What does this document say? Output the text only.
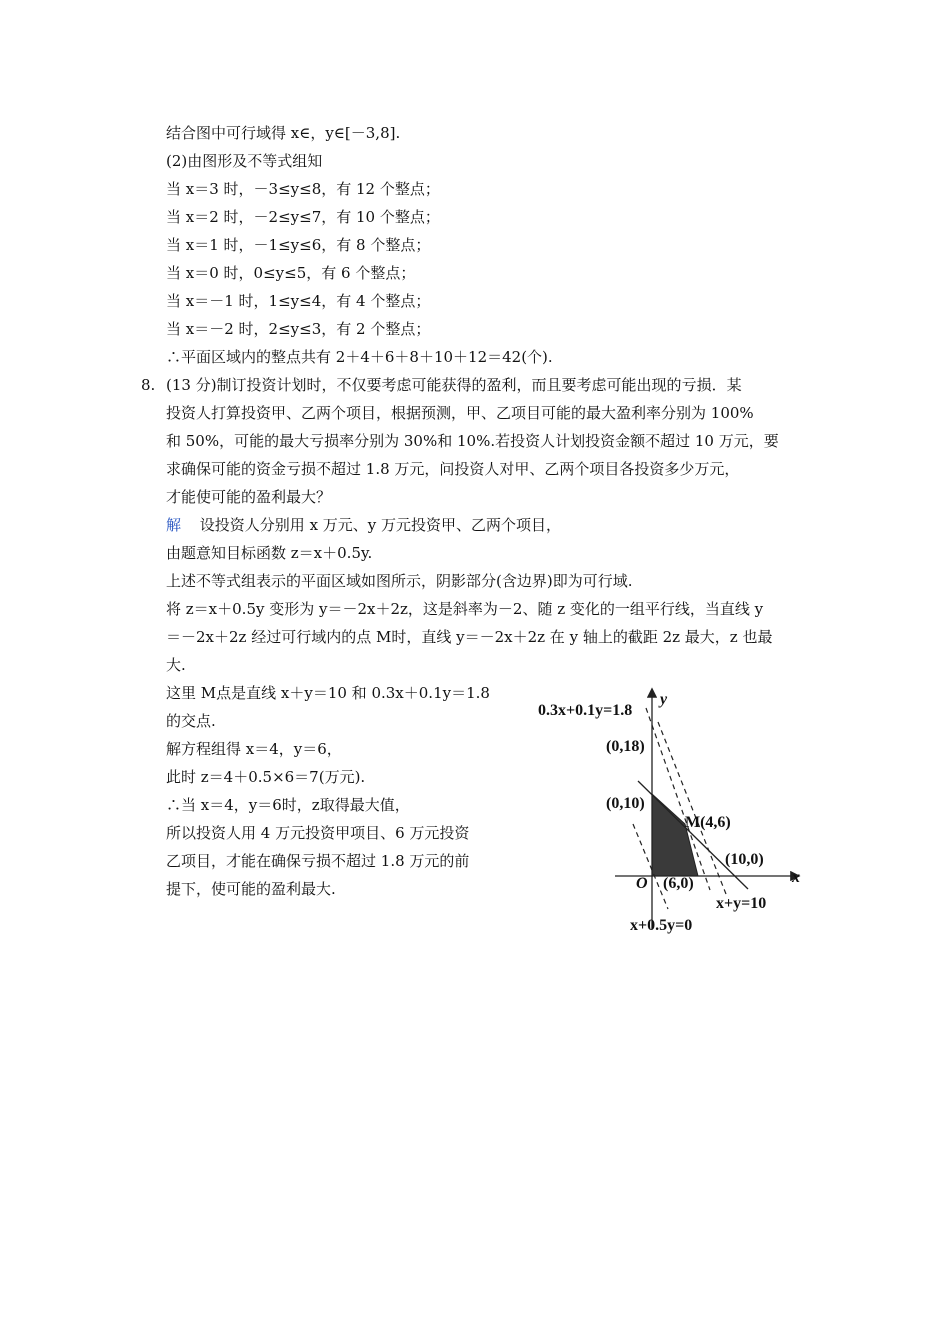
结合图中可行域得 x∈，y∈[－3,8].
(2)由图形及不等式组知
当 x＝3 时，－3≤y≤8，有 12 个整点；
当 x＝2 时，－2≤y≤7，有 10 个整点；
当 x＝1 时，－1≤y≤6，有 8 个整点；
当 x＝0 时，0≤y≤5，有 6 个整点；
当 x＝－1 时，1≤y≤4，有 4 个整点；
当 x＝－2 时，2≤y≤3，有 2 个整点；
∴平面区域内的整点共有 2＋4＋6＋8＋10＋12＝42(个).
8. (13 分)制订投资计划时，不仅要考虑可能获得的盈利，而且要考虑可能出现的亏损．某
投资人打算投资甲、乙两个项目，根据预测，甲、乙项目可能的最大盈利率分别为 100%
和 50%，可能的最大亏损率分别为 30%和 10%.若投资人计划投资金额不超过 10 万元，要
求确保可能的资金亏损不超过 1.8 万元，问投资人对甲、乙两个项目各投资多少万元，
才能使可能的盈利最大？
解 设投资人分别用 x 万元、y 万元投资甲、乙两个项目，
由题意知目标函数 z＝x＋0.5y.
上述不等式组表示的平面区域如图所示，阴影部分(含边界)即为可行域.
将 z＝x＋0.5y 变形为 y＝－2x＋2z，这是斜率为－2、随 z 变化的一组平行线，当直线 y
＝－2x＋2z 经过可行域内的点 M时，直线 y＝－2x＋2z 在 y 轴上的截距 2z 最大，z 也最
大.
这里 M点是直线 x＋y＝10 和 0.3x＋0.1y＝1.8
的交点.
解方程组得 x＝4，y＝6，
此时 z＝4＋0.5×6＝7(万元).
∴当 x＝4，y＝6时，z取得最大值，
所以投资人用 4 万元投资甲项目、6 万元投资
乙项目，才能在确保亏损不超过 1.8 万元的前
提下，使可能的盈利最大.
0.3x+0.1y=1.8
y
(0,18)
(0,10)
M(4,6)
(10,0)
x
O (6,0)
x+y=10
x+0.5y=0
